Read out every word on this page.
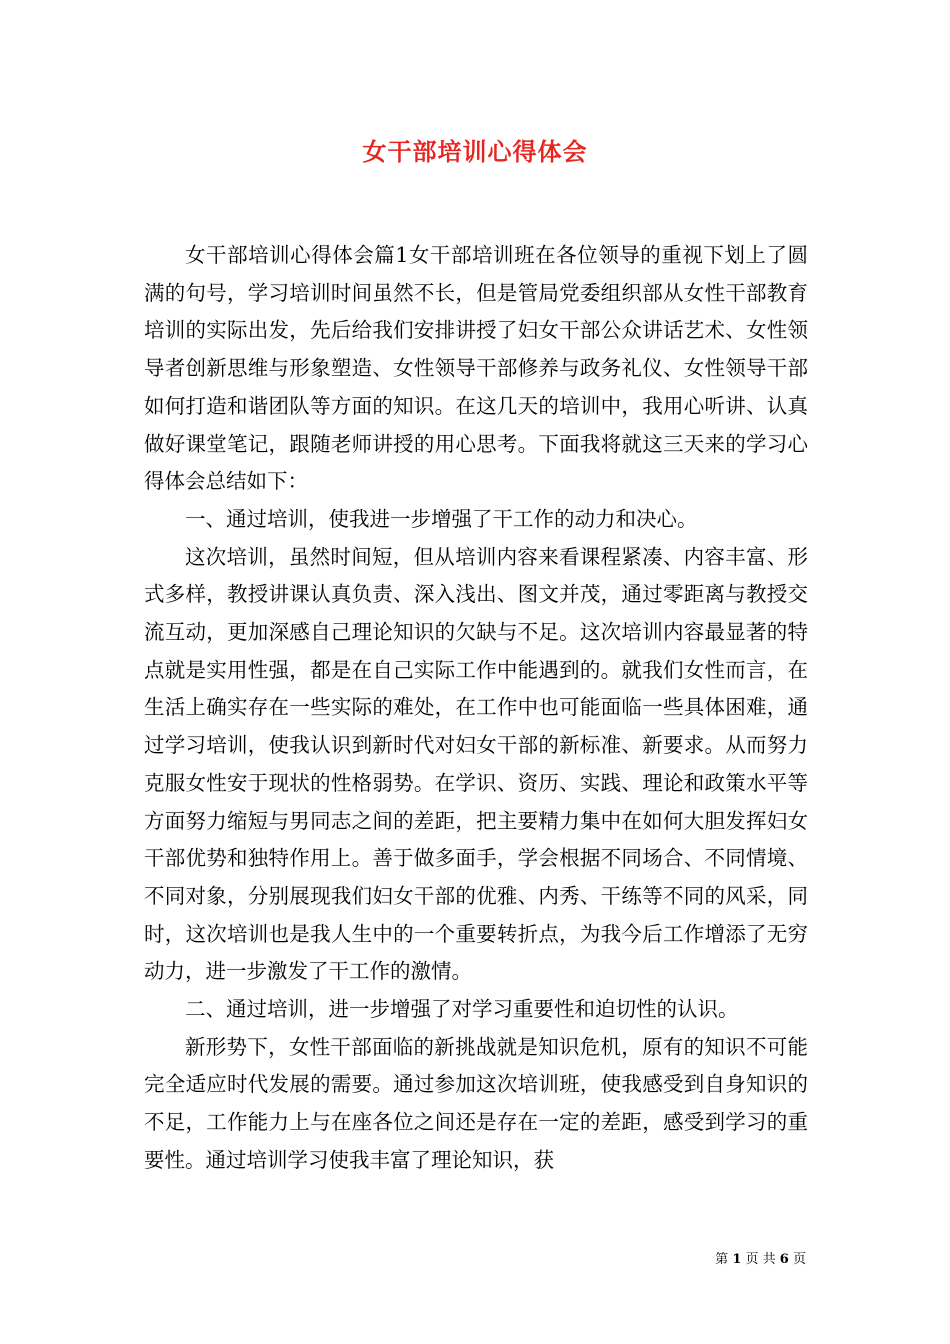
女干部培训心得体会

女干部培训心得体会篇1女干部培训班在各位领导的重视下划上了圆满的句号，学习培训时间虽然不长，但是管局党委组织部从女性干部教育培训的实际出发，先后给我们安排讲授了妇女干部公众讲话艺术、女性领导者创新思维与形象塑造、女性领导干部修养与政务礼仪、女性领导干部如何打造和谐团队等方面的知识。在这几天的培训中，我用心听讲、认真做好课堂笔记，跟随老师讲授的用心思考。下面我将就这三天来的学习心得体会总结如下：

一、通过培训，使我进一步增强了干工作的动力和决心。

这次培训，虽然时间短，但从培训内容来看课程紧凑、内容丰富、形式多样，教授讲课认真负责、深入浅出、图文并茂，通过零距离与教授交流互动，更加深感自己理论知识的欠缺与不足。这次培训内容最显著的特点就是实用性强，都是在自己实际工作中能遇到的。就我们女性而言，在生活上确实存在一些实际的难处，在工作中也可能面临一些具体困难，通过学习培训，使我认识到新时代对妇女干部的新标准、新要求。从而努力克服女性安于现状的性格弱势。在学识、资历、实践、理论和政策水平等方面努力缩短与男同志之间的差距，把主要精力集中在如何大胆发挥妇女干部优势和独特作用上。善于做多面手，学会根据不同场合、不同情境、不同对象，分别展现我们妇女干部的优雅、内秀、干练等不同的风采，同时，这次培训也是我人生中的一个重要转折点，为我今后工作增添了无穷动力，进一步激发了干工作的激情。

二、通过培训，进一步增强了对学习重要性和迫切性的认识。

新形势下，女性干部面临的新挑战就是知识危机，原有的知识不可能完全适应时代发展的需要。通过参加这次培训班，使我感受到自身知识的不足，工作能力上与在座各位之间还是存在一定的差距，感受到学习的重要性。通过培训学习使我丰富了理论知识，获

第 1 页 共 6 页
